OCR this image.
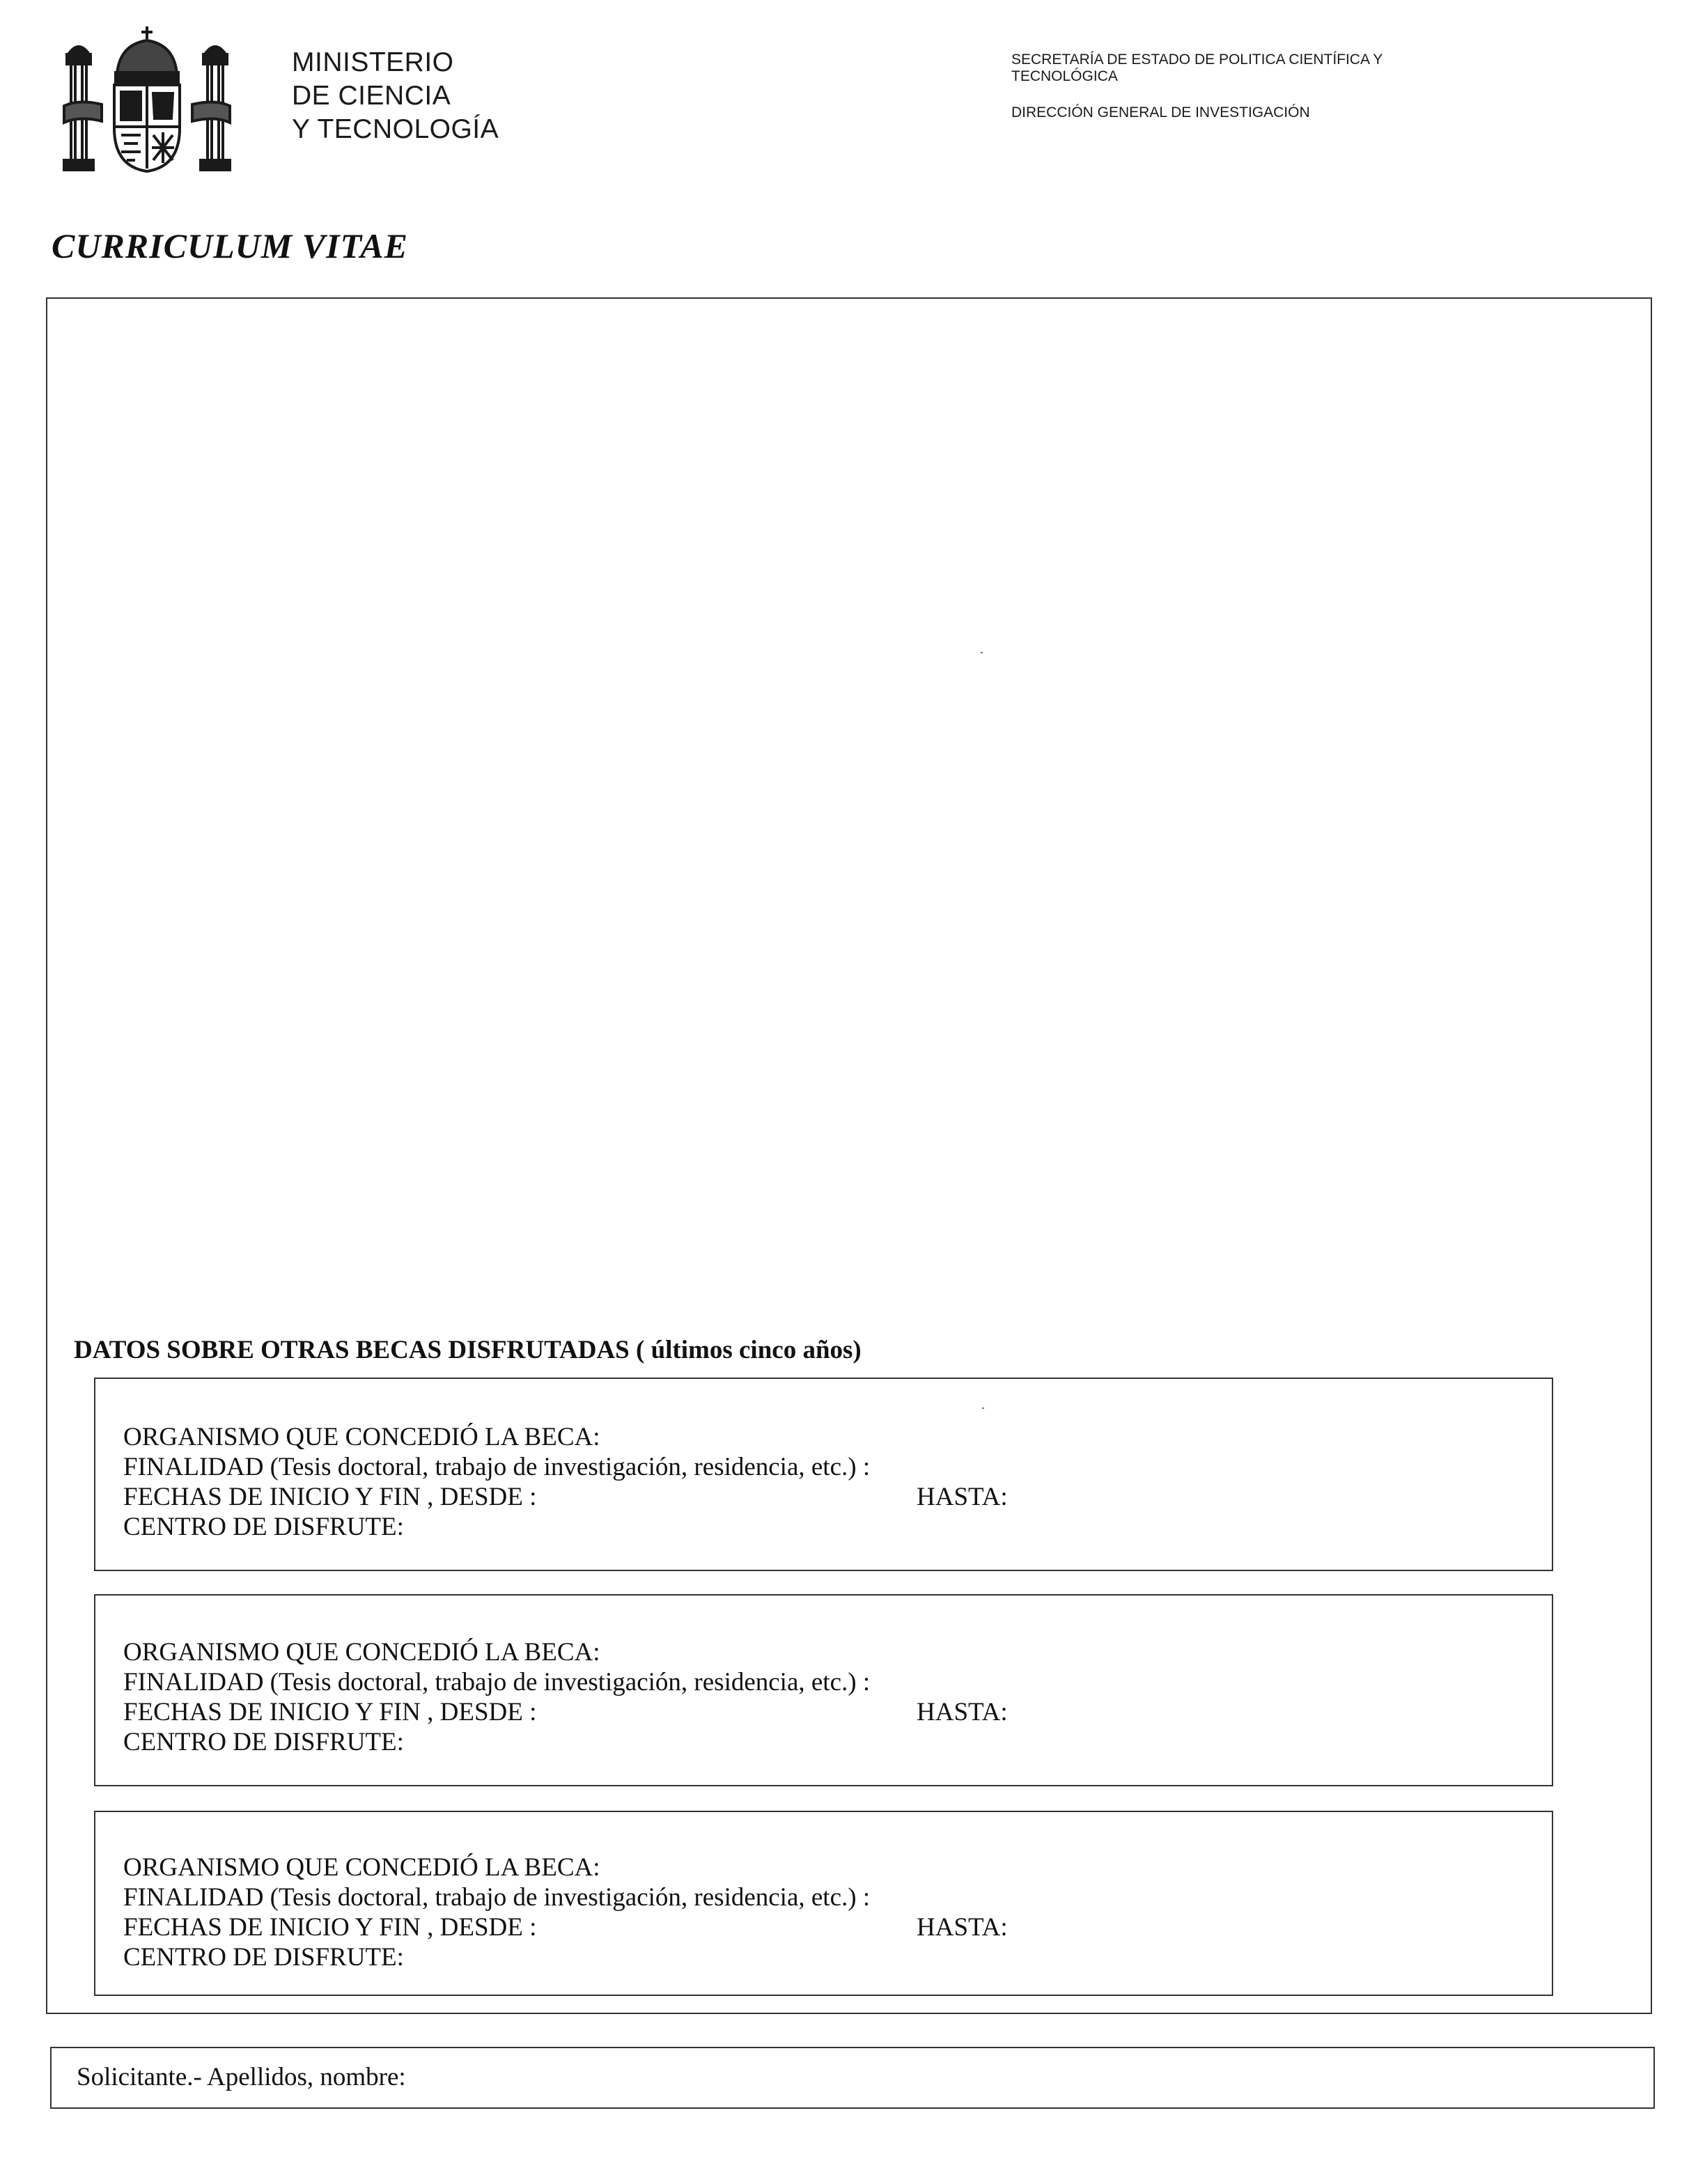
MINISTERIO
DE CIENCIA
Y TECNOLOGÍA
SECRETARÍA DE ESTADO DE POLITICA CIENTÍFICA Y
TECNOLÓGICA
DIRECCIÓN GENERAL DE INVESTIGACIÓN
CURRICULUM VITAE
DATOS SOBRE OTRAS BECAS DISFRUTADAS ( últimos cinco años)
ORGANISMO QUE CONCEDIÓ LA BECA:
FINALIDAD (Tesis doctoral, trabajo de investigación, residencia, etc.) :
FECHAS DE INICIO Y FIN , DESDE :	HASTA:
CENTRO DE DISFRUTE:
ORGANISMO QUE CONCEDIÓ LA BECA:
FINALIDAD (Tesis doctoral, trabajo de investigación, residencia, etc.) :
FECHAS DE INICIO Y FIN , DESDE :	HASTA:
CENTRO DE DISFRUTE:
ORGANISMO QUE CONCEDIÓ LA BECA:
FINALIDAD (Tesis doctoral, trabajo de investigación, residencia, etc.) :
FECHAS DE INICIO Y FIN , DESDE :	HASTA:
CENTRO DE DISFRUTE:
Solicitante.- Apellidos, nombre:
